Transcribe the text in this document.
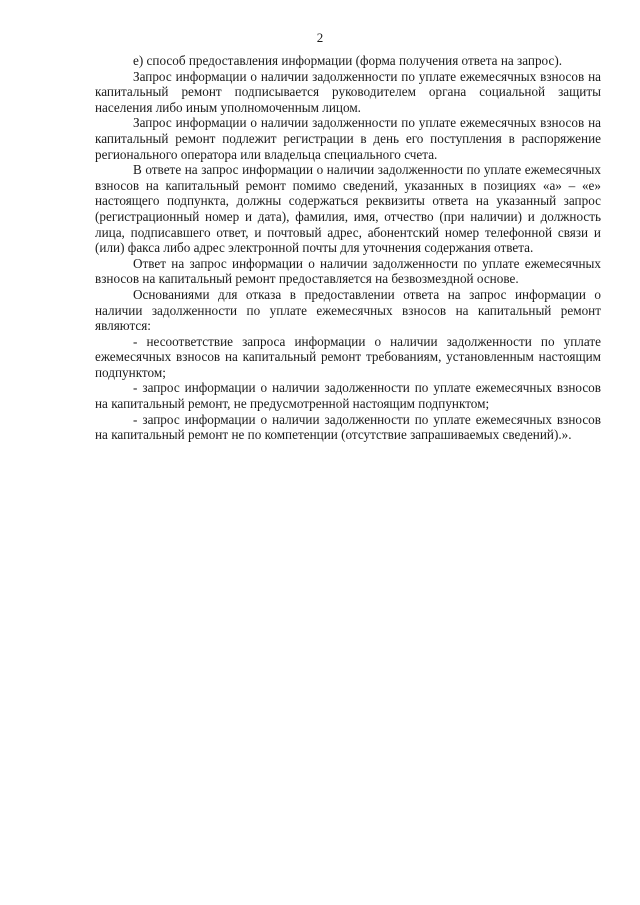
2

е) способ предоставления информации (форма получения ответа на запрос).

Запрос информации о наличии задолженности по уплате ежемесячных взносов на капитальный ремонт подписывается руководителем органа социальной защиты населения либо иным уполномоченным лицом.

Запрос информации о наличии задолженности по уплате ежемесячных взносов на капитальный ремонт подлежит регистрации в день его поступления в распоряжение регионального оператора или владельца специального счета.

В ответе на запрос информации о наличии задолженности по уплате ежемесячных взносов на капитальный ремонт помимо сведений, указанных в позициях «а» – «е» настоящего подпункта, должны содержаться реквизиты ответа на указанный запрос (регистрационный номер и дата), фамилия, имя, отчество (при наличии) и должность лица, подписавшего ответ, и почтовый адрес, абонентский номер телефонной связи и (или) факса либо адрес электронной почты для уточнения содержания ответа.

Ответ на запрос информации о наличии задолженности по уплате ежемесячных взносов на капитальный ремонт предоставляется на безвозмездной основе.

Основаниями для отказа в предоставлении ответа на запрос информации о наличии задолженности по уплате ежемесячных взносов на капитальный ремонт являются:

- несоответствие запроса информации о наличии задолженности по уплате ежемесячных взносов на капитальный ремонт требованиям, установленным настоящим подпунктом;

- запрос информации о наличии задолженности по уплате ежемесячных взносов на капитальный ремонт, не предусмотренной настоящим подпунктом;

- запрос информации о наличии задолженности по уплате ежемесячных взносов на капитальный ремонт не по компетенции (отсутствие запрашиваемых сведений).».
